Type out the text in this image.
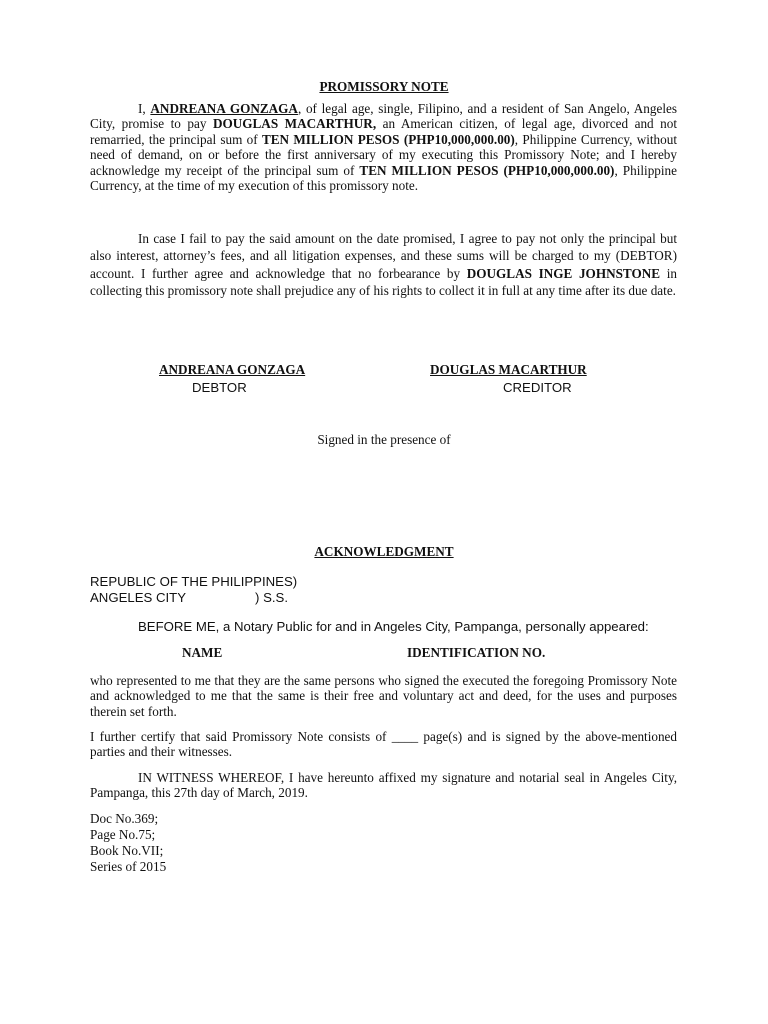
PROMISSORY NOTE
I, ANDREANA GONZAGA, of legal age, single, Filipino, and a resident of San Angelo, Angeles City, promise to pay DOUGLAS MACARTHUR, an American citizen, of legal age, divorced and not remarried, the principal sum of TEN MILLION PESOS (PHP10,000,000.00), Philippine Currency, without need of demand, on or before the first anniversary of my executing this Promissory Note; and I hereby acknowledge my receipt of the principal sum of TEN MILLION PESOS (PHP10,000,000.00), Philippine Currency, at the time of my execution of this promissory note.
In case I fail to pay the said amount on the date promised, I agree to pay not only the principal but also interest, attorney’s fees, and all litigation expenses, and these sums will be charged to my (DEBTOR) account. I further agree and acknowledge that no forbearance by DOUGLAS INGE JOHNSTONE in collecting this promissory note shall prejudice any of his rights to collect it in full at any time after its due date.
ANDREANA GONZAGA
DEBTOR
DOUGLAS MACARTHUR
CREDITOR
Signed in the presence of
ACKNOWLEDGMENT
REPUBLIC OF THE PHILIPPINES)
ANGELES CITY	) S.S.
BEFORE ME, a Notary Public for and in Angeles City, Pampanga, personally appeared:
NAME	IDENTIFICATION NO.
who represented to me that they are the same persons who signed the executed the foregoing Promissory Note and acknowledged to me that the same is their free and voluntary act and deed, for the uses and purposes therein set forth.
I further certify that said Promissory Note consists of ____ page(s) and is signed by the above-mentioned parties and their witnesses.
IN WITNESS WHEREOF, I have hereunto affixed my signature and notarial seal in Angeles City, Pampanga, this 27th day of March, 2019.
Doc No.369;
Page No.75;
Book No.VII;
Series of 2015
